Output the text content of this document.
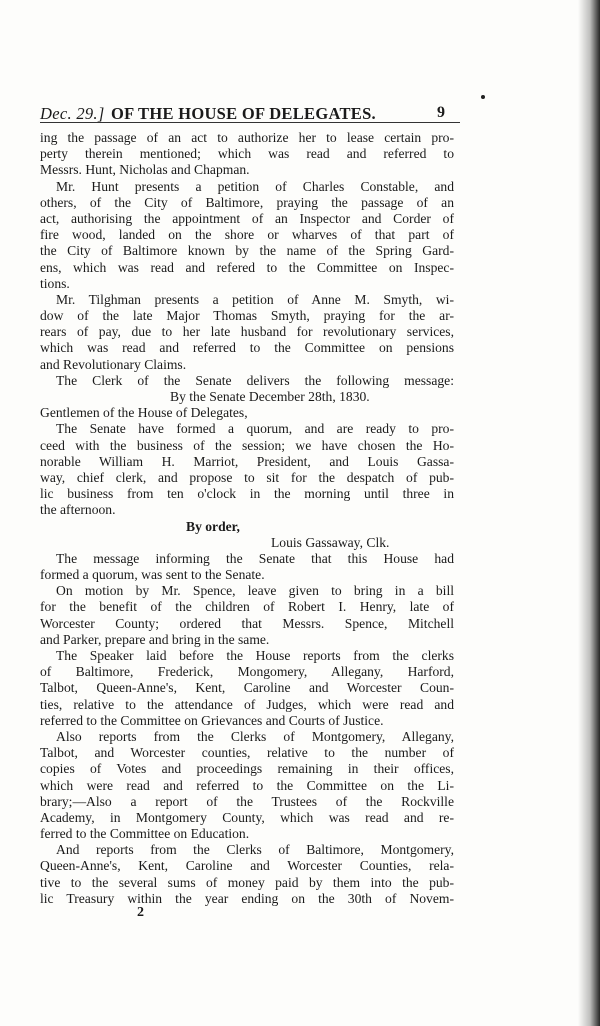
Dec. 29.] OF THE HOUSE OF DELEGATES.	9
ing the passage of an act to authorize her to lease certain pro-
perty therein mentioned; which was read and referred to
Messrs. Hunt, Nicholas and Chapman.
Mr. Hunt presents a petition of Charles Constable, and
others, of the City of Baltimore, praying the passage of an
act, authorising the appointment of an Inspector and Corder of
fire wood, landed on the shore or wharves of that part of
the City of Baltimore known by the name of the Spring Gard-
ens, which was read and refered to the Committee on Inspec-
tions.
Mr. Tilghman presents a petition of Anne M. Smyth, wi-
dow of the late Major Thomas Smyth, praying for the ar-
rears of pay, due to her late husband for revolutionary services,
which was read and referred to the Committee on pensions
and Revolutionary Claims.
The Clerk of the Senate delivers the following message:
By the Senate December 28th, 1830.
Gentlemen of the House of Delegates,
The Senate have formed a quorum, and are ready to pro-
ceed with the business of the session; we have chosen the Ho-
norable William H. Marriot, President, and Louis Gassa-
way, chief clerk, and propose to sit for the despatch of pub-
lic business from ten o'clock in the morning until three in
the afternoon.
By order,
Louis Gassaway, Clk.
The message informing the Senate that this House had
formed a quorum, was sent to the Senate.
On motion by Mr. Spence, leave given to bring in a bill
for the benefit of the children of Robert I. Henry, late of
Worcester County; ordered that Messrs. Spence, Mitchell
and Parker, prepare and bring in the same.
The Speaker laid before the House reports from the clerks
of Baltimore, Frederick, Mongomery, Allegany, Harford,
Talbot, Queen-Anne's, Kent, Caroline and Worcester Coun-
ties, relative to the attendance of Judges, which were read and
referred to the Committee on Grievances and Courts of Justice.
Also reports from the Clerks of Montgomery, Allegany,
Talbot, and Worcester counties, relative to the number of
copies of Votes and proceedings remaining in their offices,
which were read and referred to the Committee on the Li-
brary;—Also a report of the Trustees of the Rockville
Academy, in Montgomery County, which was read and re-
ferred to the Committee on Education.
And reports from the Clerks of Baltimore, Montgomery,
Queen-Anne's, Kent, Caroline and Worcester Counties, rela-
tive to the several sums of money paid by them into the pub-
lic Treasury within the year ending on the 30th of Novem-
2
